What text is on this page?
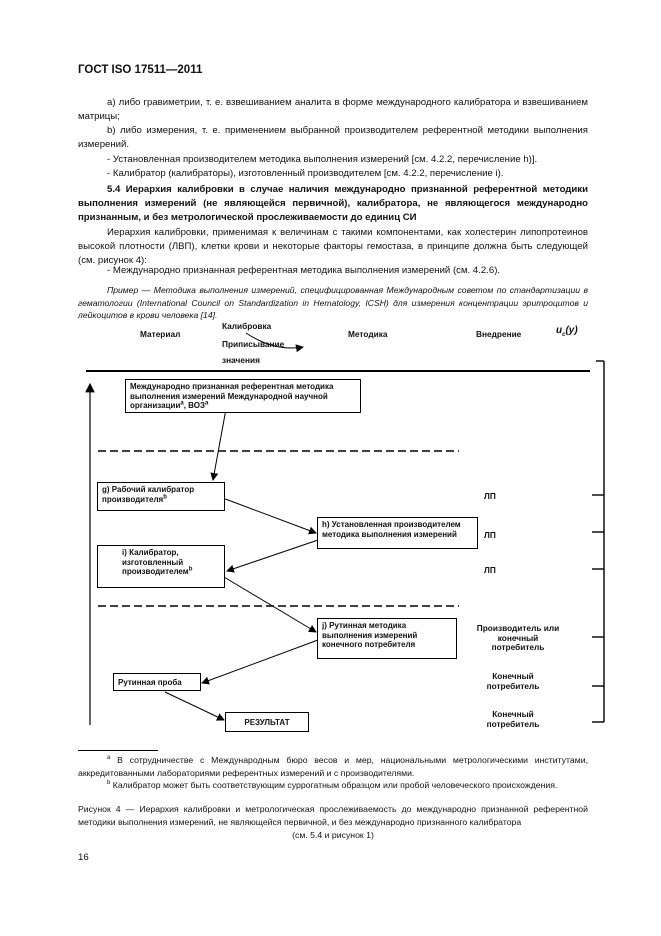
ГОСТ ISO 17511—2011
а) либо гравиметрии, т. е. взвешиванием аналита в форме международного калибратора и взвешиванием матрицы;
b) либо измерения, т. е. применением выбранной производителем референтной методики выполнения измерений.
- Установленная производителем методика выполнения измерений [см. 4.2.2, перечисление h)].
- Калибратор (калибраторы), изготовленный производителем [см. 4.2.2, перечисление i).
5.4 Иерархия калибровки в случае наличия международно признанной референтной методики выполнения измерений (не являющейся первичной), калибратора, не являющегося международно признанным, и без метрологической прослеживаемости до единиц СИ
Иерархия калибровки, применимая к величинам с такими компонентами, как холестерин липопротеинов высокой плотности (ЛВП), клетки крови и некоторые факторы гемостаза, в принципе должна быть следующей (см. рисунок 4):
- Международно признанная референтная методика выполнения измерений (см. 4.2.6).
Пример — Методика выполнения измерений, специфицированная Международным советом по стандартизации в гематологии (International Council on Standardization in Hematology, ICSH) для измерения концентрации эритроцитов и лейкоцитов в крови человека [14].
Материал
Калибровка
Приписывание
значения
Методика	Внедрение	$u_c(y)$
Международно признанная референтная методика выполнения измерений Международной научной организации$^a$, ВОЗ$^a$
g) Рабочий калибратор производителя$^b$
h) Установленная производителем методика выполнения измерений
i) Калибратор, изготовленный производителем$^b$
j) Рутинная методика выполнения измерений конечного потребителя
Рутинная проба
РЕЗУЛЬТАТ
ЛП
ЛП
ЛП
Производитель или конечный потребитель
Конечный потребитель
Конечный потребитель
$^a$ В сотрудничестве с Международным бюро весов и мер, национальными метрологическими институтами, аккредитованными лабораториями референтных измерений и с производителями.
$^b$ Калибратор может быть соответствующим суррогатным образцом или пробой человеческого происхождения.
Рисунок 4 — Иерархия калибровки и метрологическая прослеживаемость до международно признанной референтной методики выполнения измерений, не являющейся первичной, и без международно признанного калибратора
(см. 5.4 и рисунок 1)
16
